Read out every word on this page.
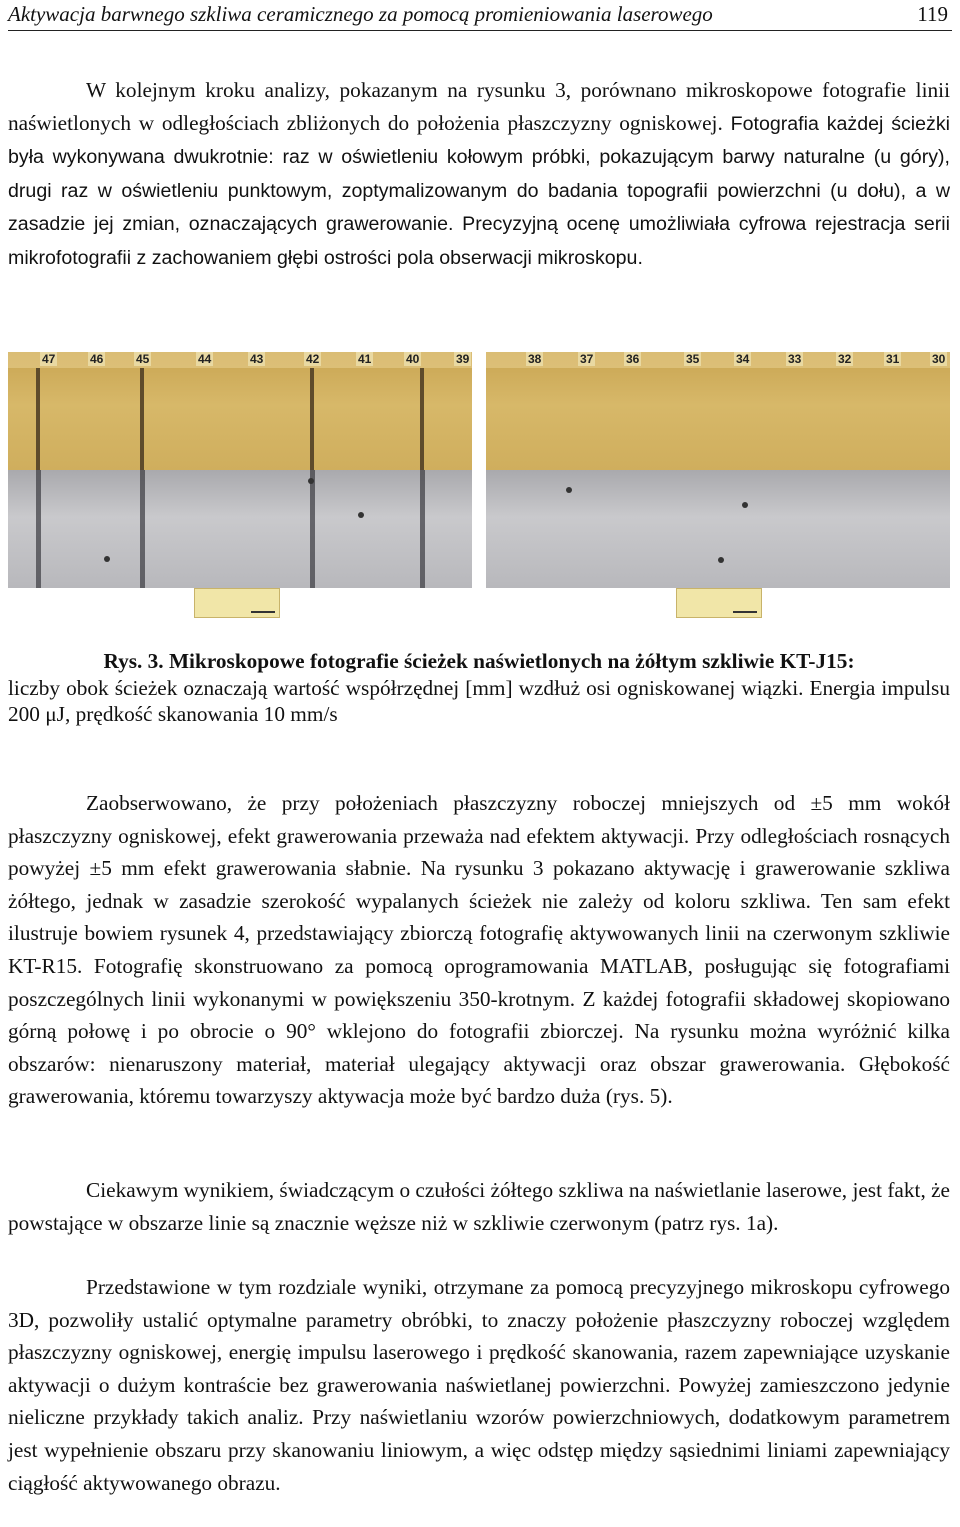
Aktywacja barwnego szkliwa ceramicznego za pomocą promieniowania laserowego	119

W kolejnym kroku analizy, pokazanym na rysunku 3, porównano mikroskopowe fotografie linii naświetlonych w odległościach zbliżonych do położenia płaszczyzny ogniskowej. Fotografia każdej ścieżki była wykonywana dwukrotnie: raz w oświetleniu kołowym próbki, pokazującym barwy naturalne (u góry), drugi raz w oświetleniu punktowym, zoptymalizowanym do badania topografii powierzchni (u dołu), a w zasadzie jej zmian, oznaczających grawerowanie. Precyzyjną ocenę umożliwiała cyfrowa rejestracja serii mikrofotografii z zachowaniem głębi ostrości pola obserwacji mikroskopu.

47	46	45	44	43	42	41	40	39	38	37	36	35	34	33	32	31	30

Rys. 3. Mikroskopowe fotografie ścieżek naświetlonych na żółtym szkliwie KT-J15:
liczby obok ścieżek oznaczają wartość współrzędnej [mm] wzdłuż osi ogniskowanej wiązki. Energia impulsu 200 μJ, prędkość skanowania 10 mm/s

Zaobserwowano, że przy położeniach płaszczyzny roboczej mniejszych od ±5 mm wokół płaszczyzny ogniskowej, efekt grawerowania przeważa nad efektem aktywacji. Przy odległościach rosnących powyżej ±5 mm efekt grawerowania słabnie. Na rysunku 3 pokazano aktywację i grawerowanie szkliwa żółtego, jednak w zasadzie szerokość wypalanych ścieżek nie zależy od koloru szkliwa. Ten sam efekt ilustruje bowiem rysunek 4, przedstawiający zbiorczą fotografię aktywowanych linii na czerwonym szkliwie KT-R15. Fotografię skonstruowano za pomocą oprogramowania MATLAB, posługując się fotografiami poszczególnych linii wykonanymi w powiększeniu 350-krotnym. Z każdej fotografii składowej skopiowano górną połowę i po obrocie o 90° wklejono do fotografii zbiorczej. Na rysunku można wyróżnić kilka obszarów: nienaruszony materiał, materiał ulegający aktywacji oraz obszar grawerowania. Głębokość grawerowania, któremu towarzyszy aktywacja może być bardzo duża (rys. 5).

Ciekawym wynikiem, świadczącym o czułości żółtego szkliwa na naświetlanie laserowe, jest fakt, że powstające w obszarze linie są znacznie węższe niż w szkliwie czerwonym (patrz rys. 1a).

Przedstawione w tym rozdziale wyniki, otrzymane za pomocą precyzyjnego mikroskopu cyfrowego 3D, pozwoliły ustalić optymalne parametry obróbki, to znaczy położenie płaszczyzny roboczej względem płaszczyzny ogniskowej, energię impulsu laserowego i prędkość skanowania, razem zapewniające uzyskanie aktywacji o dużym kontraście bez grawerowania naświetlanej powierzchni. Powyżej zamieszczono jedynie nieliczne przykłady takich analiz. Przy naświetlaniu wzorów powierzchniowych, dodatkowym parametrem jest wypełnienie obszaru przy skanowaniu liniowym, a więc odstęp między sąsiednimi liniami zapewniający ciągłość aktywowanego obrazu.
